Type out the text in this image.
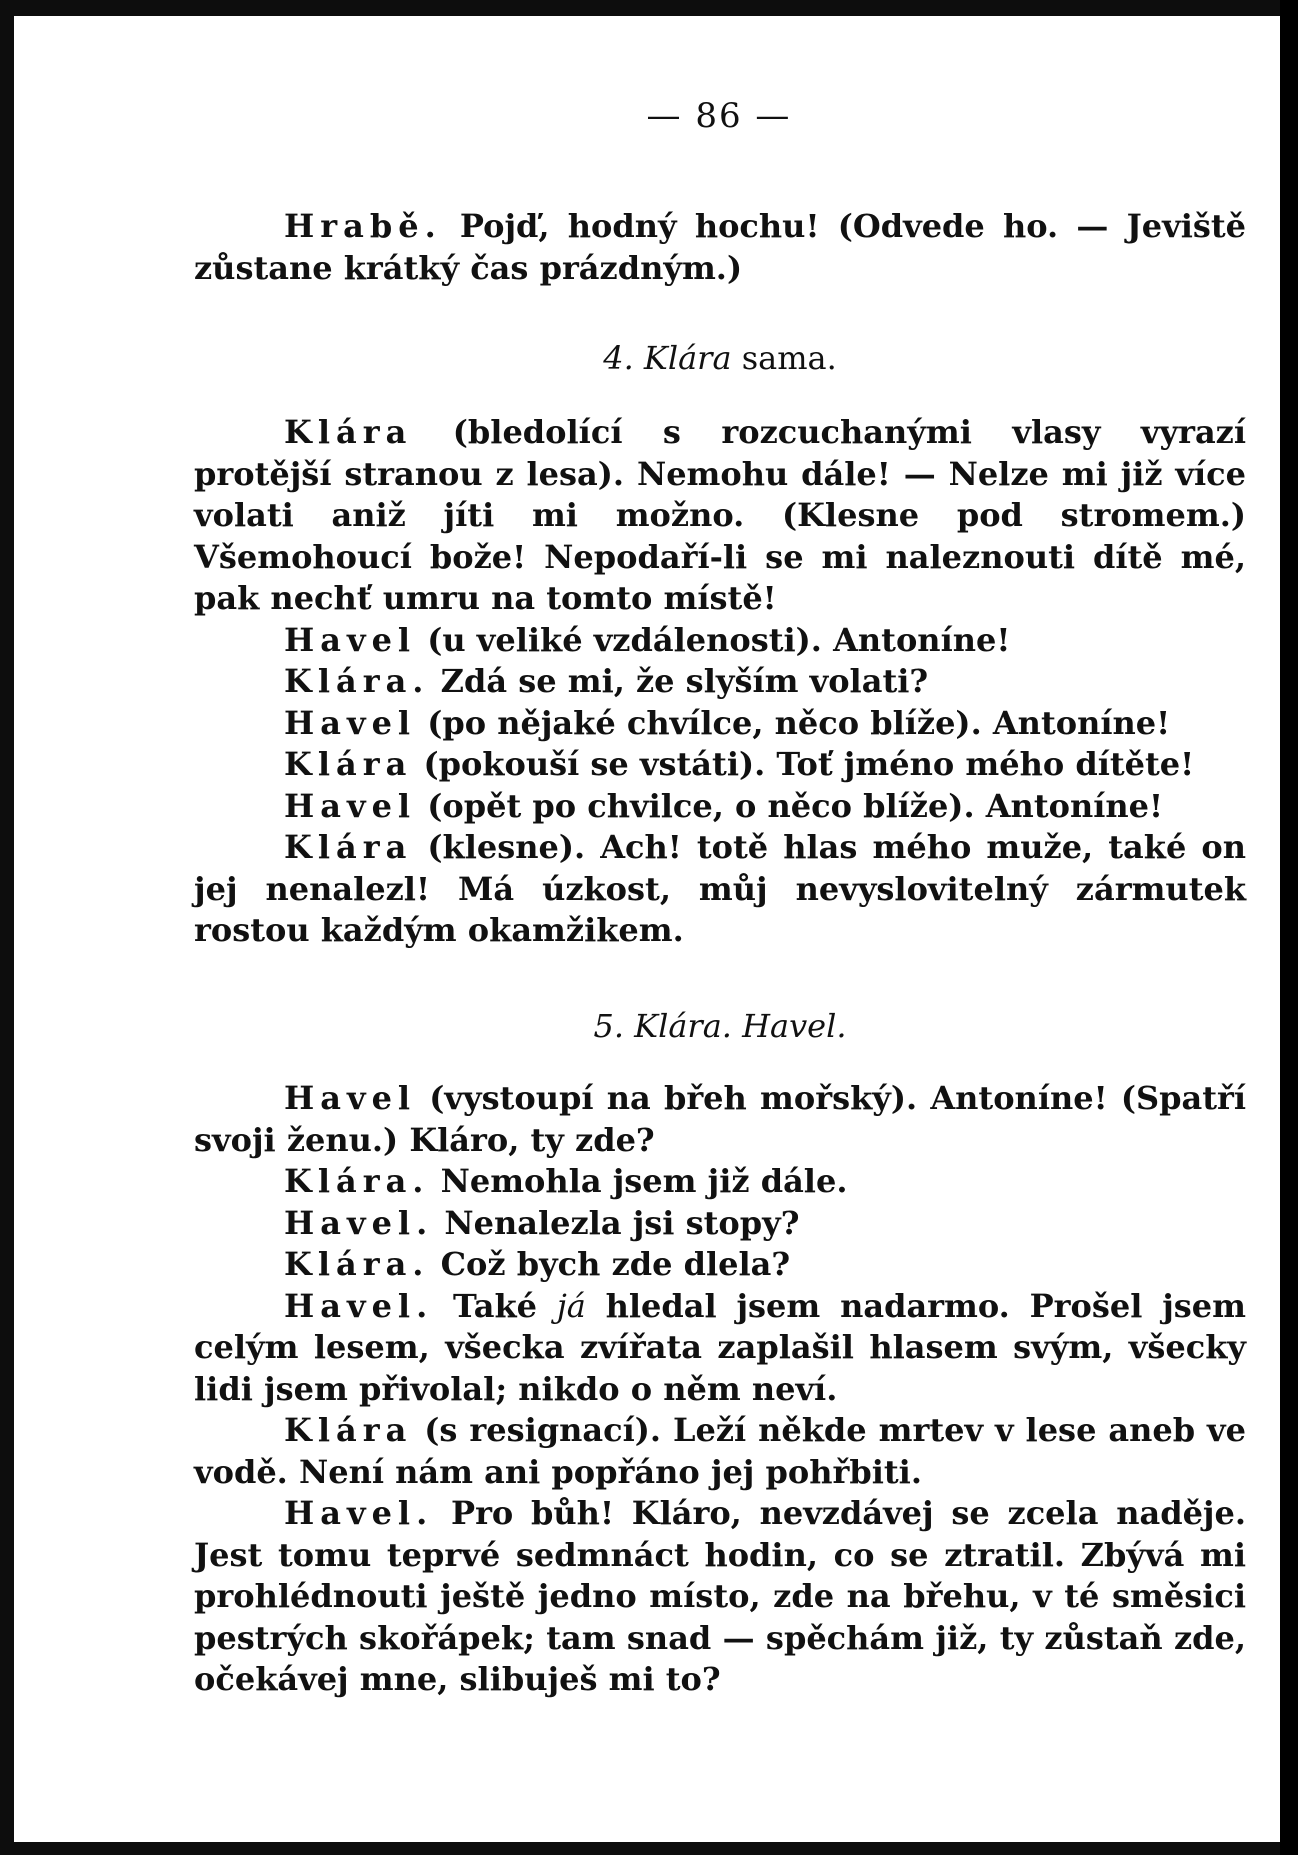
— 86 —

Hrabě. Pojď, hodný hochu! (Odvede ho. — Jeviště zůstane krátký čas prázdným.)

4. Klára sama.

Klára (bledolící s rozcuchanými vlasy vyrazí protější stranou z lesa). Nemohu dále! — Nelze mi již více volati aniž jíti mi možno. (Klesne pod stromem.) Všemohoucí bože! Nepodaří-li se mi naleznouti dítě mé, pak nechť umru na tomto místě!

Havel (u veliké vzdálenosti). Antoníne!

Klára. Zdá se mi, že slyším volati?

Havel (po nějaké chvílce, něco blíže). Antoníne!

Klára (pokouší se vstáti). Toť jméno mého dítěte!

Havel (opět po chvilce, o něco blíže). Antoníne!

Klára (klesne). Ach! totě hlas mého muže, také on jej nenalezl! Má úzkost, můj nevyslovitelný zármutek rostou každým okamžikem.

5. Klára. Havel.

Havel (vystoupí na břeh mořský). Antoníne! (Spatří svoji ženu.) Kláro, ty zde?

Klára. Nemohla jsem již dále.

Havel. Nenalezla jsi stopy?

Klára. Což bych zde dlela?

Havel. Také já hledal jsem nadarmo. Prošel jsem celým lesem, všecka zvířata zaplašil hlasem svým, všecky lidi jsem přivolal; nikdo o něm neví.

Klára (s resignací). Leží někde mrtev v lese aneb ve vodě. Není nám ani popřáno jej pohřbiti.

Havel. Pro bůh! Kláro, nevzdávej se zcela naděje. Jest tomu teprvé sedmnáct hodin, co se ztratil. Zbývá mi prohlédnouti ještě jedno místo, zde na břehu, v té směsici pestrých skořápek; tam snad — spěchám již, ty zůstaň zde, očekávej mne, slibuješ mi to?
